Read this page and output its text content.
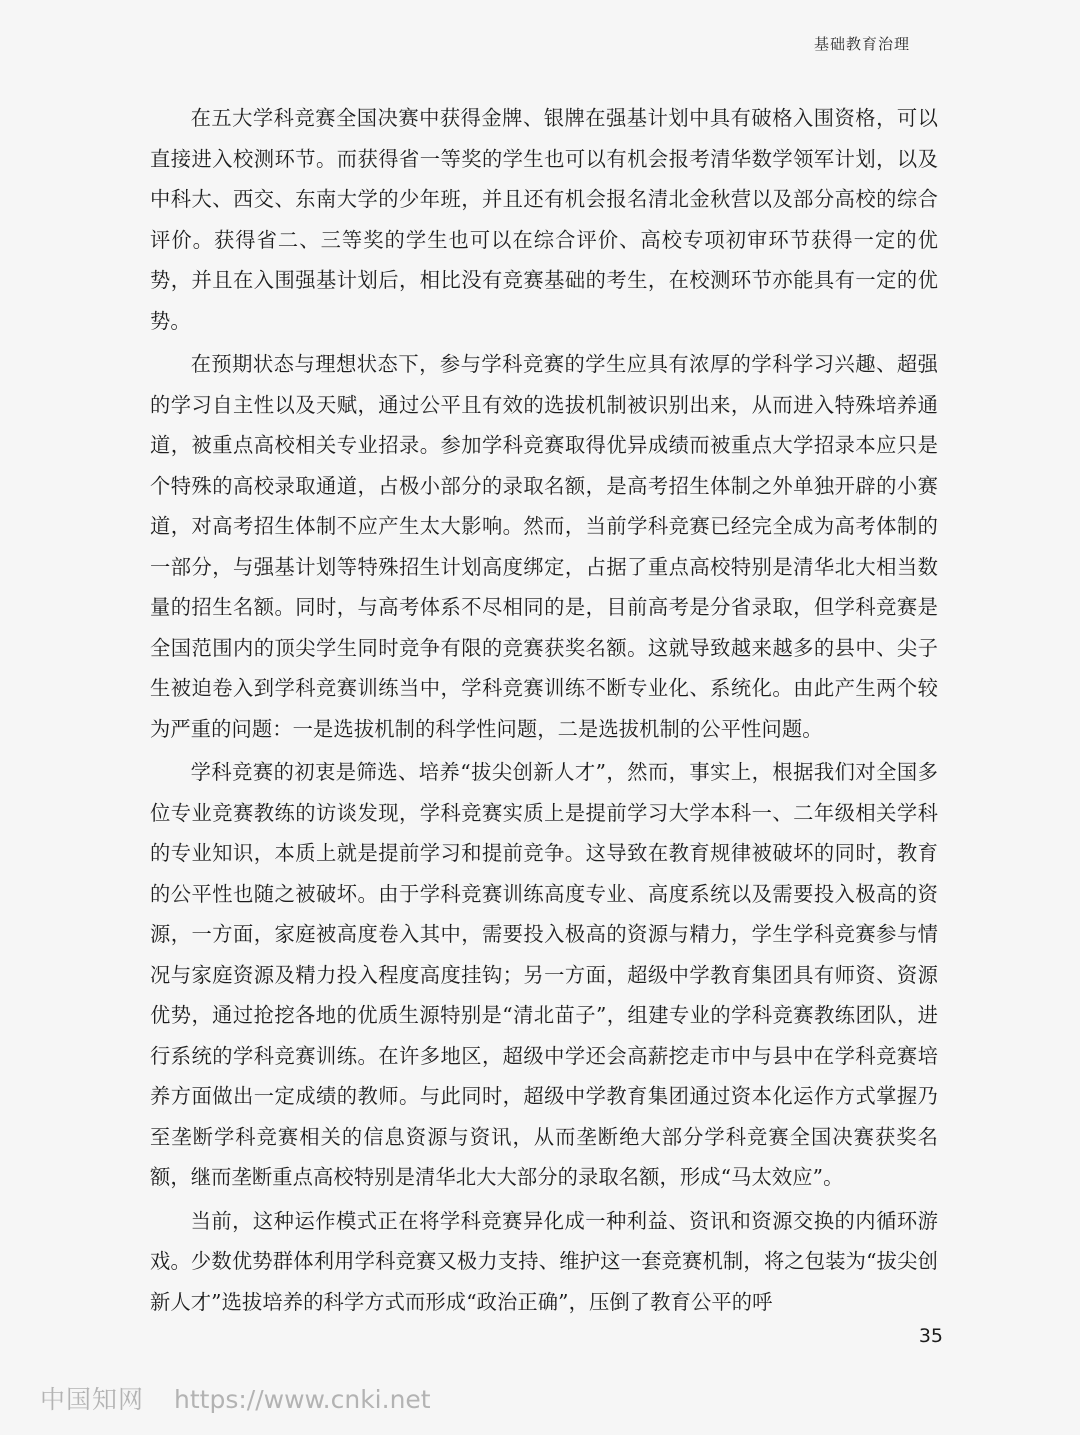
基础教育治理

在五大学科竞赛全国决赛中获得金牌、银牌在强基计划中具有破格入围资格，可以直接进入校测环节。而获得省一等奖的学生也可以有机会报考清华数学领军计划，以及中科大、西交、东南大学的少年班，并且还有机会报名清北金秋营以及部分高校的综合评价。获得省二、三等奖的学生也可以在综合评价、高校专项初审环节获得一定的优势，并且在入围强基计划后，相比没有竞赛基础的考生，在校测环节亦能具有一定的优势。

在预期状态与理想状态下，参与学科竞赛的学生应具有浓厚的学科学习兴趣、超强的学习自主性以及天赋，通过公平且有效的选拔机制被识别出来，从而进入特殊培养通道，被重点高校相关专业招录。参加学科竞赛取得优异成绩而被重点大学招录本应只是个特殊的高校录取通道，占极小部分的录取名额，是高考招生体制之外单独开辟的小赛道，对高考招生体制不应产生太大影响。然而，当前学科竞赛已经完全成为高考体制的一部分，与强基计划等特殊招生计划高度绑定，占据了重点高校特别是清华北大相当数量的招生名额。同时，与高考体系不尽相同的是，目前高考是分省录取，但学科竞赛是全国范围内的顶尖学生同时竞争有限的竞赛获奖名额。这就导致越来越多的县中、尖子生被迫卷入到学科竞赛训练当中，学科竞赛训练不断专业化、系统化。由此产生两个较为严重的问题：一是选拔机制的科学性问题，二是选拔机制的公平性问题。

学科竞赛的初衷是筛选、培养“拔尖创新人才”，然而，事实上，根据我们对全国多位专业竞赛教练的访谈发现，学科竞赛实质上是提前学习大学本科一、二年级相关学科的专业知识，本质上就是提前学习和提前竞争。这导致在教育规律被破坏的同时，教育的公平性也随之被破坏。由于学科竞赛训练高度专业、高度系统以及需要投入极高的资源，一方面，家庭被高度卷入其中，需要投入极高的资源与精力，学生学科竞赛参与情况与家庭资源及精力投入程度高度挂钩；另一方面，超级中学教育集团具有师资、资源优势，通过抢挖各地的优质生源特别是“清北苗子”，组建专业的学科竞赛教练团队，进行系统的学科竞赛训练。在许多地区，超级中学还会高薪挖走市中与县中在学科竞赛培养方面做出一定成绩的教师。与此同时，超级中学教育集团通过资本化运作方式掌握乃至垄断学科竞赛相关的信息资源与资讯，从而垄断绝大部分学科竞赛全国决赛获奖名额，继而垄断重点高校特别是清华北大大部分的录取名额，形成“马太效应”。

当前，这种运作模式正在将学科竞赛异化成一种利益、资讯和资源交换的内循环游戏。少数优势群体利用学科竞赛又极力支持、维护这一套竞赛机制，将之包装为“拔尖创新人才”选拔培养的科学方式而形成“政治正确”，压倒了教育公平的呼

35
中国知网 https://www.cnki.net
